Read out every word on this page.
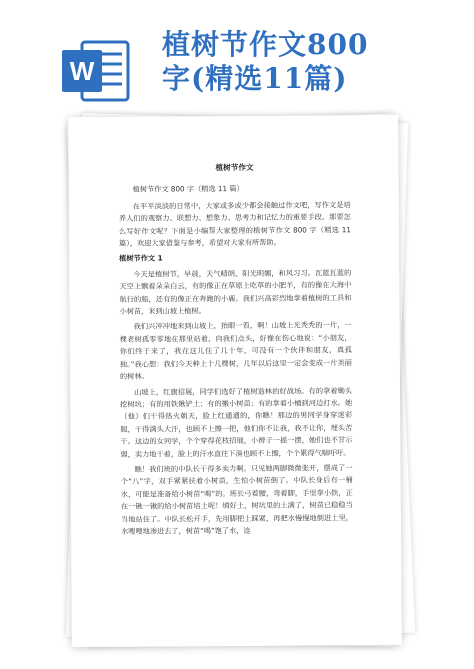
W
植树节作文800
字(精选11篇)
植树节作文
植树节作文 800 字（精选 11 篇）
在平平淡淡的日常中，大家或多或少都会接触过作文吧，写作文是培养人们的观察力、联想力、想象力、思考力和记忆力的重要手段。那要怎么写好作文呢？下面是小编帮大家整理的植树节作文 800 字（精选 11 篇），欢迎大家借鉴与参考，希望对大家有所帮助。
植树节作文 1
今天是植树节，早晨，天气晴朗，阳光明媚，和风习习。瓦蓝瓦蓝的天空上飘着朵朵白云，有的像正在草原上吃草的小肥羊，有的像在大海中航行的船，还有的像正在奔跑的小鹿。我们兴高彩烈地拿着植树的工具和小树苗，来到山坡上植树。
我们兴冲冲地来到山坡上，抬眼一看，啊！山坡上光秃秃的一片，一棵老树孤零零地在那里站着，向我们点头，好像在伤心地说：“小朋友，你们终于来了，我在这儿住了几十年，可没有一个伙伴和朋友，真孤独。”我心想：我们今天种上十几棵树，几年以后这里一定会变成一片美丽的树林。
山坡上，红旗招展，同学们选好了植树造林的好战场。有的拿着锄头挖树坑；有的用铁锹铲土；有的搬小树苗；有的拿着小桶到河边打水。她（他）们干得热火朝天，脸上红通通的，你瞧！那边的男同学身穿迷彩服，干得满头大汗，也顾不上擦一把，他们你不让我，我不让你，埋头苦干。这边的女同学，个个穿得花枝招展，小辫子一摇一摆，她们也不甘示弱，卖力地干着，脸上的汗水直往下淌也顾不上擦，个个累得气喘吁吁。
瞧！我们班的中队长干得多卖力啊。只见她两脚微微张开，摆成了一个“八”字，双手紧紧扶着小树苗，生怕小树苗倒了。中队长身后有一桶水，可能是准备给小树苗“喝”的。班长弓着腰，弯着脚，手里拿小铁，正在一锹一锹的给小树苗培土呢！填好土，树坑里的土满了，树苗已稳稳当当地站住了。中队长松开手，先用脚把土踩紧，再把水慢慢地倒进土里，水嗖嗖地渗进去了，树苗“喝”饱了水，连
